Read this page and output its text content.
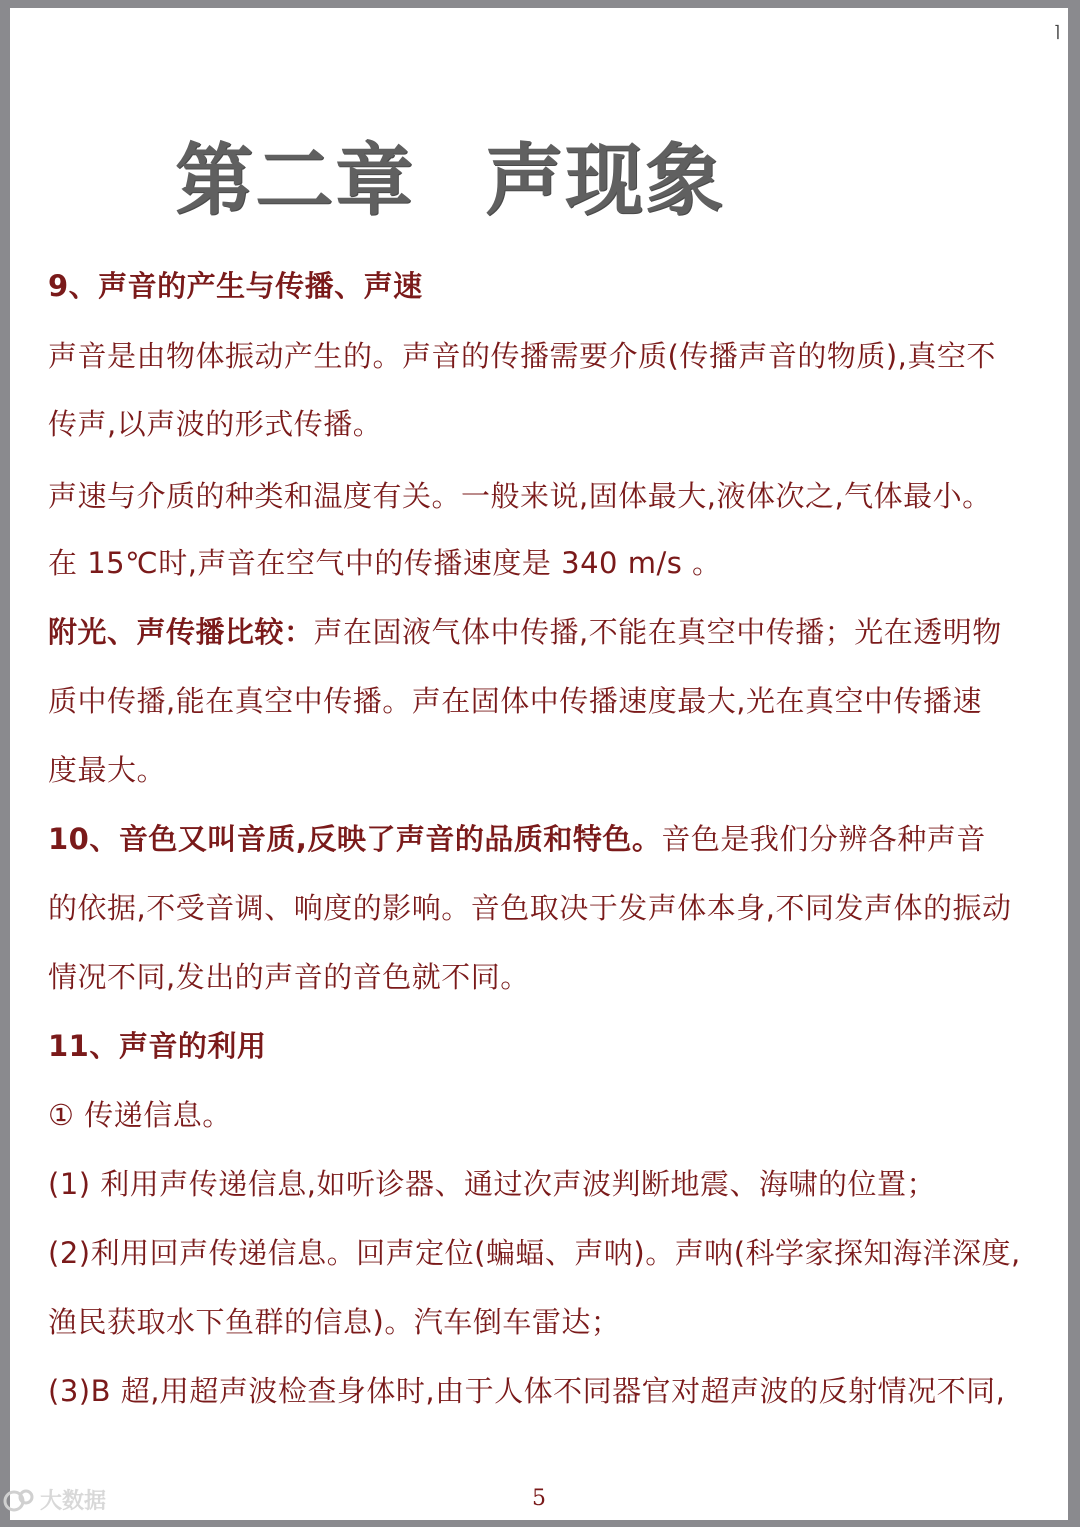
第二章 声现象
9、声音的产生与传播、声速
声音是由物体振动产生的。声音的传播需要介质(传播声音的物质),真空不
传声,以声波的形式传播。
声速与介质的种类和温度有关。一般来说,固体最大,液体次之,气体最小。
在 15℃时,声音在空气中的传播速度是 340 m/s 。
附光、声传播比较：声在固液气体中传播,不能在真空中传播；光在透明物
质中传播,能在真空中传播。声在固体中传播速度最大,光在真空中传播速
度最大。
10、音色又叫音质,反映了声音的品质和特色。音色是我们分辨各种声音
的依据,不受音调、响度的影响。音色取决于发声体本身,不同发声体的振动
情况不同,发出的声音的音色就不同。
11、声音的利用
① 传递信息。
(1) 利用声传递信息,如听诊器、通过次声波判断地震、海啸的位置；
(2)利用回声传递信息。回声定位(蝙蝠、声呐)。声呐(科学家探知海洋深度,
渔民获取水下鱼群的信息)。汽车倒车雷达；
(3)B 超,用超声波检查身体时,由于人体不同器官对超声波的反射情况不同,
5
⌉
大数据
